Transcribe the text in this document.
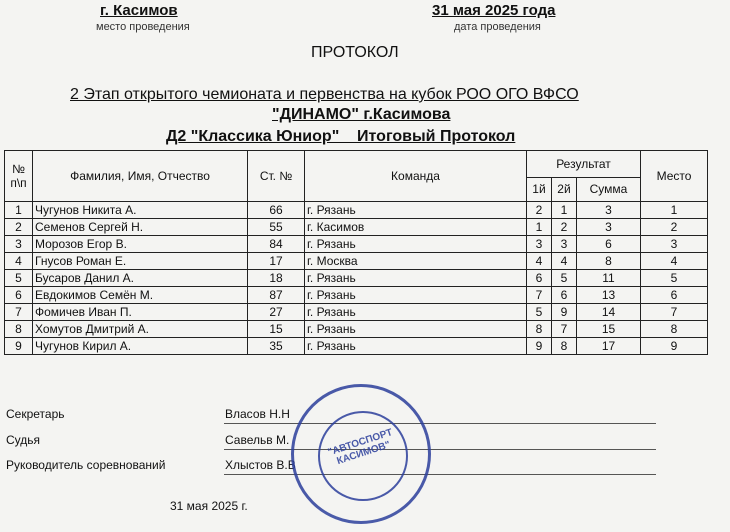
г. Касимов
место проведения
31 мая 2025 года
дата проведения
ПРОТОКОЛ
2 Этап открытого чемионата и первенства на кубок РОО ОГО ВФСО
"ДИНАМО" г.Касимова
Д2 "Классика Юниор"    Итоговый Протокол
№ п\п	Фамилия, Имя, Отчество	Ст. №	Команда	Результат			Место
				1й	2й	Сумма	
1	Чугунов Никита А.	66	г. Рязань	2	1	3	1
2	Семенов Сергей Н.	55	г. Касимов	1	2	3	2
3	Морозов Егор В.	84	г. Рязань	3	3	6	3
4	Гнусов Роман Е.	17	г. Москва	4	4	8	4
5	Бусаров Данил А.	18	г. Рязань	6	5	11	5
6	Евдокимов Семён М.	87	г. Рязань	7	6	13	6
7	Фомичев Иван П.	27	г. Рязань	5	9	14	7
8	Хомутов Дмитрий А.	15	г. Рязань	8	7	15	8
9	Чугунов Кирил А.	35	г. Рязань	9	8	17	9
Секретарь	Власов Н.Н
Судья	Савельв М.
Руководитель соревнований	Хлыстов В.В
31 мая 2025 г.
"АВТОСПОРТ КАСИМОВ"
